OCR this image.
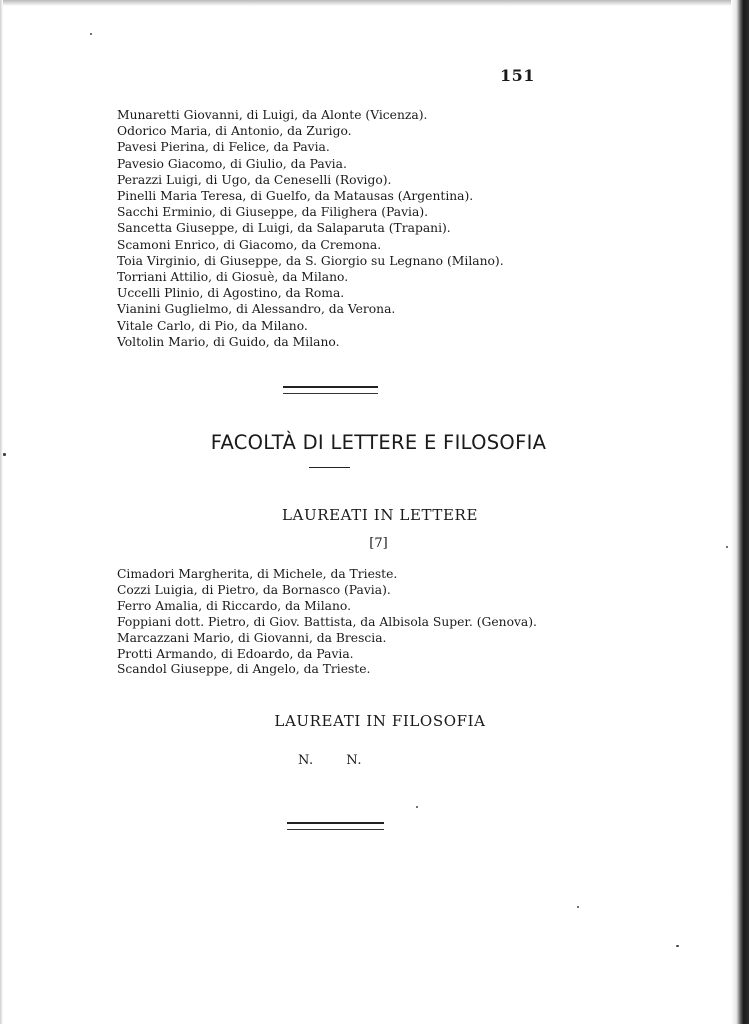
151
Munaretti Giovanni, di Luigi, da Alonte (Vicenza).
Odorico Maria, di Antonio, da Zurigo.
Pavesi Pierina, di Felice, da Pavia.
Pavesio Giacomo, di Giulio, da Pavia.
Perazzi Luigi, di Ugo, da Ceneselli (Rovigo).
Pinelli Maria Teresa, di Guelfo, da Matausas (Argentina).
Sacchi Erminio, di Giuseppe, da Filighera (Pavia).
Sancetta Giuseppe, di Luigi, da Salaparuta (Trapani).
Scamoni Enrico, di Giacomo, da Cremona.
Toia Virginio, di Giuseppe, da S. Giorgio su Legnano (Milano).
Torriani Attilio, di Giosuè, da Milano.
Uccelli Plinio, di Agostino, da Roma.
Vianini Guglielmo, di Alessandro, da Verona.
Vitale Carlo, di Pio, da Milano.
Voltolin Mario, di Guido, da Milano.
FACOLTÀ DI LETTERE E FILOSOFIA
LAUREATI IN LETTERE
[7]
Cimadori Margherita, di Michele, da Trieste.
Cozzi Luigia, di Pietro, da Bornasco (Pavia).
Ferro Amalia, di Riccardo, da Milano.
Foppiani dott. Pietro, di Giov. Battista, da Albisola Super. (Genova).
Marcazzani Mario, di Giovanni, da Brescia.
Protti Armando, di Edoardo, da Pavia.
Scandol Giuseppe, di Angelo, da Trieste.
LAUREATI IN FILOSOFIA
N. N.
